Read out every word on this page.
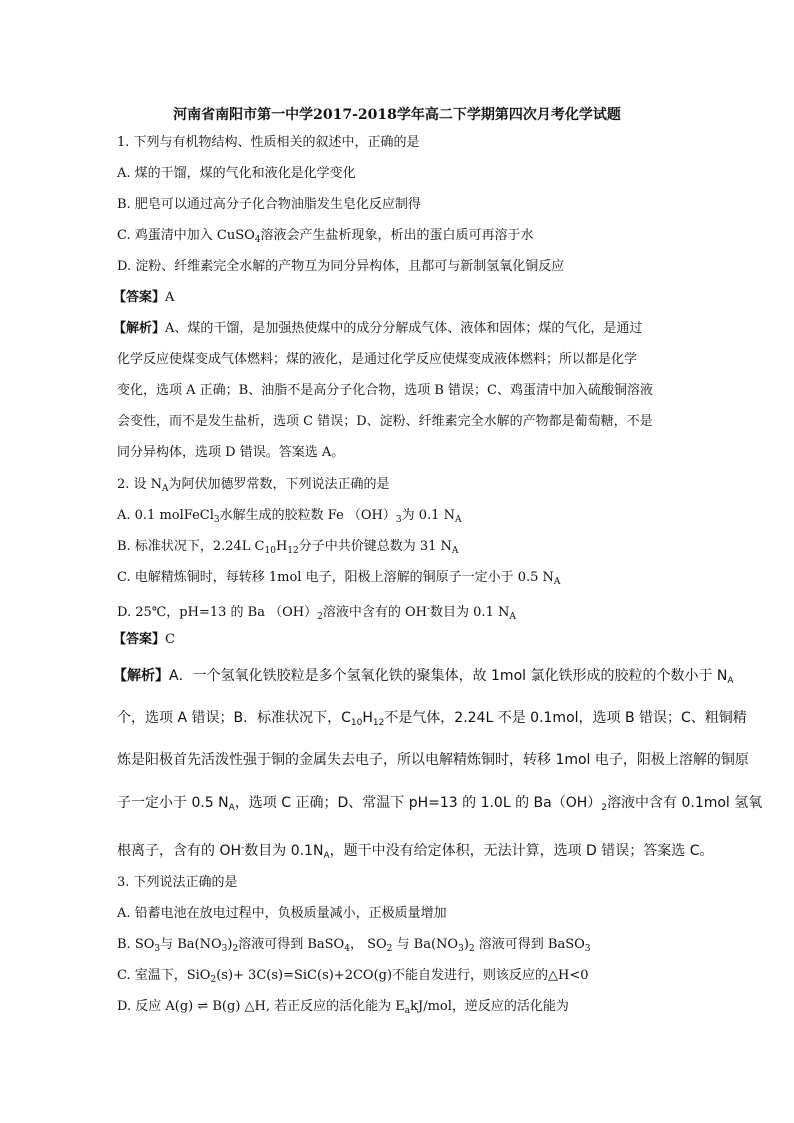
河南省南阳市第一中学2017-2018学年高二下学期第四次月考化学试题
1. 下列与有机物结构、性质相关的叙述中，正确的是
A. 煤的干馏，煤的气化和液化是化学变化
B. 肥皂可以通过高分子化合物油脂发生皂化反应制得
C. 鸡蛋清中加入 CuSO$_4$溶液会产生盐析现象，析出的蛋白质可再溶于水
D. 淀粉、纤维素完全水解的产物互为同分异构体，且都可与新制氢氧化铜反应
【答案】A
【解析】A、煤的干馏，是加强热使煤中的成分分解成气体、液体和固体；煤的气化，是通过
化学反应使煤变成气体燃料；煤的液化，是通过化学反应使煤变成液体燃料；所以都是化学
变化，选项 A 正确；B、油脂不是高分子化合物，选项 B 错误；C、鸡蛋清中加入硫酸铜溶液
会变性，而不是发生盐析，选项 C 错误；D、淀粉、纤维素完全水解的产物都是葡萄糖，不是
同分异构体，选项 D 错误。答案选 A。
2. 设 $N_A$为阿伏加德罗常数，下列说法正确的是
A. 0.1 molFeCl$_3$水解生成的胶粒数 Fe $(OH)_3$为 0.1 $N_A$
B. 标准状况下，2.24L $C_{10}H_{12}$分子中共价键总数为 31 $N_A$
C. 电解精炼铜时，每转移 1mol 电子，阳极上溶解的铜原子一定小于 0.5 $N_A$
D. 25℃，pH=13 的 Ba $(OH)_2$溶液中含有的 OH-数目为 0.1 $N_A$
【答案】C
【解析】A．一个氢氧化铁胶粒是多个氢氧化铁的聚集体，故 1mol 氯化铁形成的胶粒的个数小于 $N_A$
个，选项 A 错误；B．标准状况下，$C_{10}H_{12}$不是气体，2.24L 不是 0.1mol，选项 B 错误；C、粗铜精
炼是阳极首先活泼性强于铜的金属失去电子，所以电解精炼铜时，转移 1mol 电子，阳极上溶解的铜原
子一定小于 0.5 $N_A$，选项 C 正确；D、常温下 pH=13 的 1.0L 的 $Ba(OH)_2$溶液中含有 0.1mol 氢氧
根离子，含有的 OH-数目为 $0.1N_A$，题干中没有给定体积，无法计算，选项 D 错误；答案选 C。
3. 下列说法正确的是
A. 铅蓄电池在放电过程中，负极质量减小，正极质量增加
B. $SO_3$与 $Ba(NO_3)_2$溶液可得到 BaSO$_4$， $SO_2$ 与 $Ba(NO_3)_2$ 溶液可得到 BaSO$_3$
C. 室温下，SiO$_2$(s)+ 3C(s)=SiC(s)+2CO(g)不能自发进行，则该反应的△H<0
D. 反应 A(g) ⇌ B(g) △H, 若正反应的活化能为 $E_akJ$/mol，逆反应的活化能为
